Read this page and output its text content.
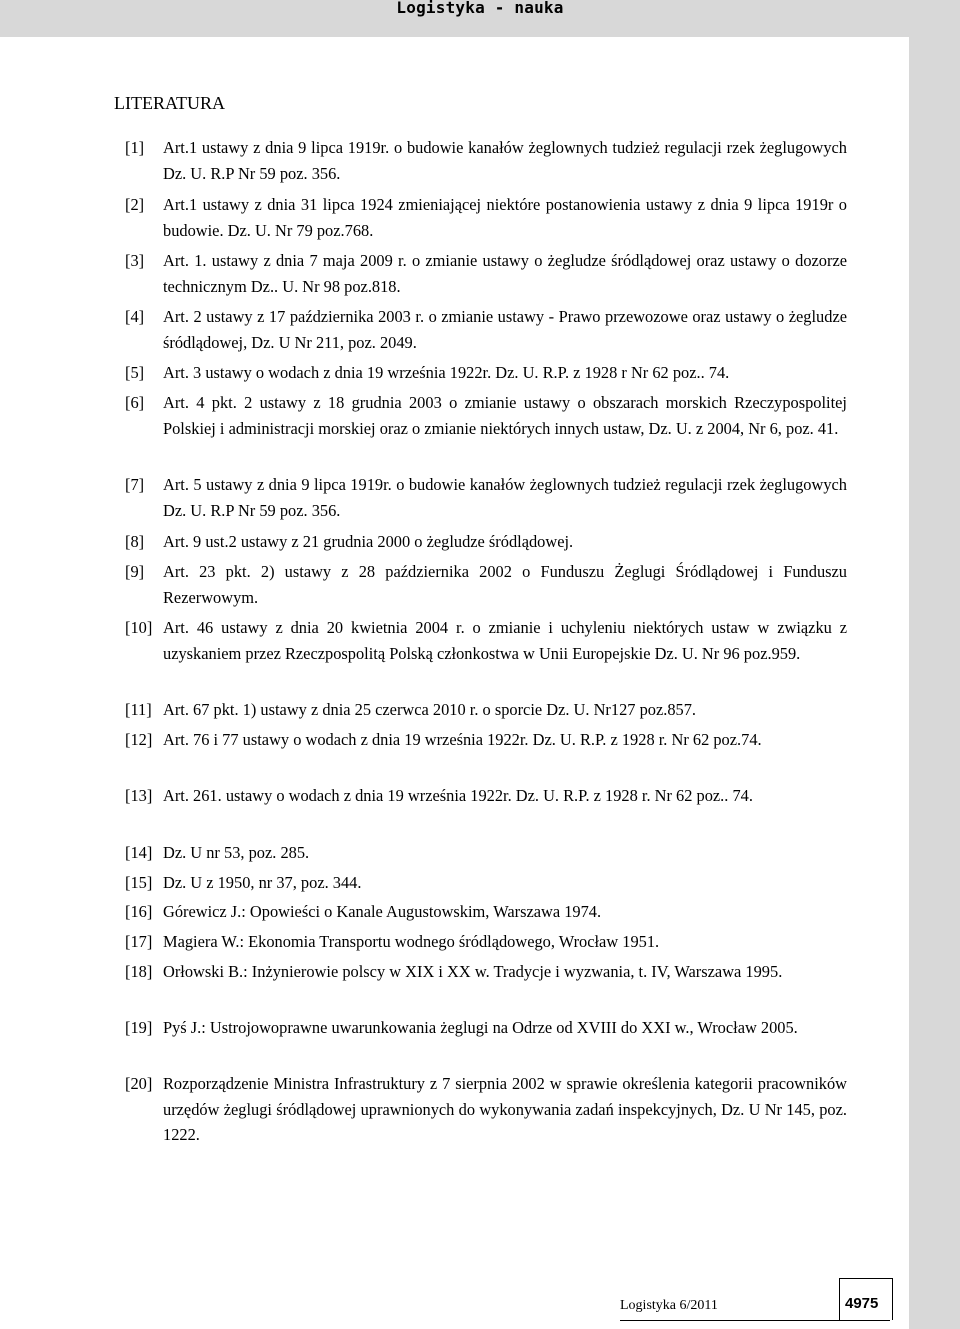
Logistyka - nauka
LITERATURA
[1]	Art.1 ustawy z dnia 9 lipca 1919r. o budowie kanałów żeglownych tudzież regulacji rzek żeglugowych Dz. U. R.P Nr 59 poz. 356.
[2]	Art.1 ustawy z dnia 31 lipca 1924 zmieniającej niektóre postanowienia ustawy z dnia 9 lipca 1919r o budowie. Dz. U. Nr 79 poz.768.
[3]	Art. 1. ustawy z dnia 7 maja 2009 r. o zmianie ustawy o żegludze śródlądowej oraz ustawy o dozorze technicznym Dz.. U. Nr 98 poz.818.
[4]	Art. 2 ustawy z 17 października 2003 r. o zmianie ustawy - Prawo przewozowe oraz ustawy o żegludze śródlądowej, Dz. U Nr 211, poz. 2049.
[5]	Art. 3 ustawy o wodach z dnia 19 września 1922r. Dz. U. R.P. z 1928 r Nr 62 poz.. 74.
[6]	Art. 4 pkt. 2 ustawy z 18 grudnia 2003 o zmianie ustawy o obszarach morskich Rzeczypospolitej Polskiej i administracji morskiej oraz o zmianie niektórych innych ustaw, Dz. U. z 2004, Nr 6, poz. 41.
[7]	Art. 5 ustawy z dnia 9 lipca 1919r. o budowie kanałów żeglownych tudzież regulacji rzek żeglugowych Dz. U. R.P Nr 59 poz. 356.
[8]	Art. 9 ust.2 ustawy z 21 grudnia 2000 o żegludze śródlądowej.
[9]	Art. 23 pkt. 2) ustawy z 28 października 2002 o Funduszu Żeglugi Śródlądowej i Funduszu Rezerwowym.
[10] Art. 46 ustawy z dnia 20 kwietnia 2004 r. o zmianie i uchyleniu niektórych ustaw w związku z uzyskaniem przez Rzeczpospolitą Polską członkostwa w Unii Europejskie Dz. U. Nr 96 poz.959.
[11] Art. 67 pkt. 1) ustawy z dnia 25 czerwca 2010 r. o sporcie Dz. U. Nr127 poz.857.
[12] Art. 76 i 77 ustawy o wodach z dnia 19 września 1922r. Dz. U. R.P. z 1928 r. Nr 62 poz.74.
[13] Art. 261. ustawy o wodach z dnia 19 września 1922r. Dz. U. R.P. z 1928 r. Nr 62 poz.. 74.
[14] Dz. U nr 53, poz. 285.
[15] Dz. U z 1950, nr 37, poz. 344.
[16] Górewicz J.: Opowieści o Kanale Augustowskim, Warszawa 1974.
[17] Magiera W.: Ekonomia Transportu wodnego śródlądowego, Wrocław 1951.
[18] Orłowski B.: Inżynierowie polscy w XIX i XX w. Tradycje i wyzwania, t. IV, Warszawa 1995.
[19] Pyś J.: Ustrojowoprawne uwarunkowania żeglugi na Odrze od XVIII do XXI w., Wrocław 2005.
[20] Rozporządzenie Ministra Infrastruktury z 7 sierpnia 2002 w sprawie określenia kategorii pracowników urzędów żeglugi śródlądowej uprawnionych do wykonywania zadań inspekcyjnych, Dz. U Nr 145, poz. 1222.
Logistyka 6/2011	4975
